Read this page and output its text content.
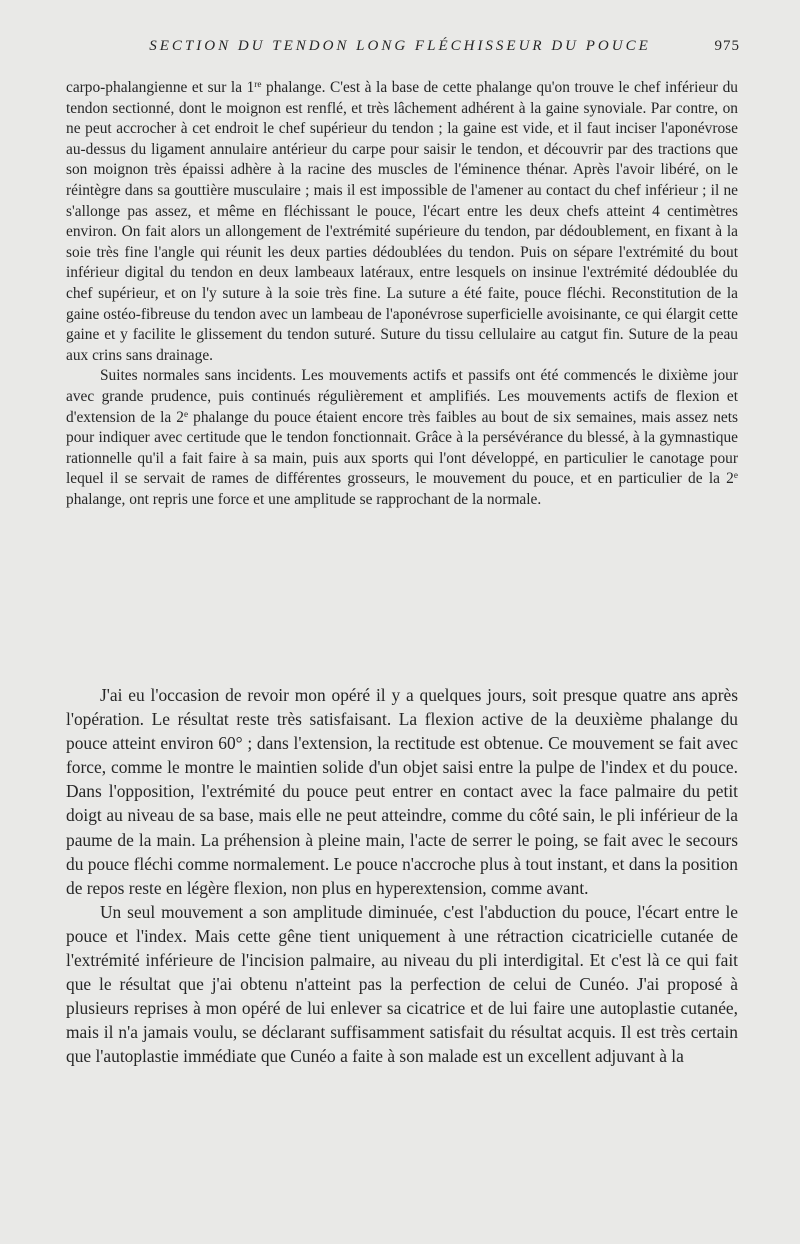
SECTION DU TENDON LONG FLÉCHISSEUR DU POUCE	975

carpo-phalangienne et sur la 1re phalange. C'est à la base de cette phalange qu'on trouve le chef inférieur du tendon sectionné, dont le moignon est renflé, et très lâchement adhérent à la gaine synoviale. Par contre, on ne peut accrocher à cet endroit le chef supérieur du tendon ; la gaine est vide, et il faut inciser l'aponévrose au-dessus du ligament annulaire antérieur du carpe pour saisir le tendon, et découvrir par des tractions que son moignon très épaissi adhère à la racine des muscles de l'éminence thénar. Après l'avoir libéré, on le réintègre dans sa gouttière musculaire ; mais il est impossible de l'amener au contact du chef inférieur ; il ne s'allonge pas assez, et même en fléchissant le pouce, l'écart entre les deux chefs atteint 4 centimètres environ. On fait alors un allongement de l'extrémité supérieure du tendon, par dédoublement, en fixant à la soie très fine l'angle qui réunit les deux parties dédoublées du tendon. Puis on sépare l'extrémité du bout inférieur digital du tendon en deux lambeaux latéraux, entre lesquels on insinue l'extrémité dédoublée du chef supérieur, et on l'y suture à la soie très fine. La suture a été faite, pouce fléchi. Reconstitution de la gaine ostéo-fibreuse du tendon avec un lambeau de l'aponévrose superficielle avoisinante, ce qui élargit cette gaine et y facilite le glissement du tendon suturé. Suture du tissu cellulaire au catgut fin. Suture de la peau aux crins sans drainage.

Suites normales sans incidents. Les mouvements actifs et passifs ont été commencés le dixième jour avec grande prudence, puis continués régulièrement et amplifiés. Les mouvements actifs de flexion et d'extension de la 2e phalange du pouce étaient encore très faibles au bout de six semaines, mais assez nets pour indiquer avec certitude que le tendon fonctionnait. Grâce à la persévérance du blessé, à la gymnastique rationnelle qu'il a fait faire à sa main, puis aux sports qui l'ont développé, en particulier le canotage pour lequel il se servait de rames de différentes grosseurs, le mouvement du pouce, et en particulier de la 2e phalange, ont repris une force et une amplitude se rapprochant de la normale.

J'ai eu l'occasion de revoir mon opéré il y a quelques jours, soit presque quatre ans après l'opération. Le résultat reste très satisfaisant. La flexion active de la deuxième phalange du pouce atteint environ 60° ; dans l'extension, la rectitude est obtenue. Ce mouvement se fait avec force, comme le montre le maintien solide d'un objet saisi entre la pulpe de l'index et du pouce. Dans l'opposition, l'extrémité du pouce peut entrer en contact avec la face palmaire du petit doigt au niveau de sa base, mais elle ne peut atteindre, comme du côté sain, le pli inférieur de la paume de la main. La préhension à pleine main, l'acte de serrer le poing, se fait avec le secours du pouce fléchi comme normalement. Le pouce n'accroche plus à tout instant, et dans la position de repos reste en légère flexion, non plus en hyperextension, comme avant.

Un seul mouvement a son amplitude diminuée, c'est l'abduction du pouce, l'écart entre le pouce et l'index. Mais cette gêne tient uniquement à une rétraction cicatricielle cutanée de l'extrémité inférieure de l'incision palmaire, au niveau du pli interdigital. Et c'est là ce qui fait que le résultat que j'ai obtenu n'atteint pas la perfection de celui de Cunéo. J'ai proposé à plusieurs reprises à mon opéré de lui enlever sa cicatrice et de lui faire une autoplastie cutanée, mais il n'a jamais voulu, se déclarant suffisamment satisfait du résultat acquis. Il est très certain que l'autoplastie immédiate que Cunéo a faite à son malade est un excellent adjuvant à la
